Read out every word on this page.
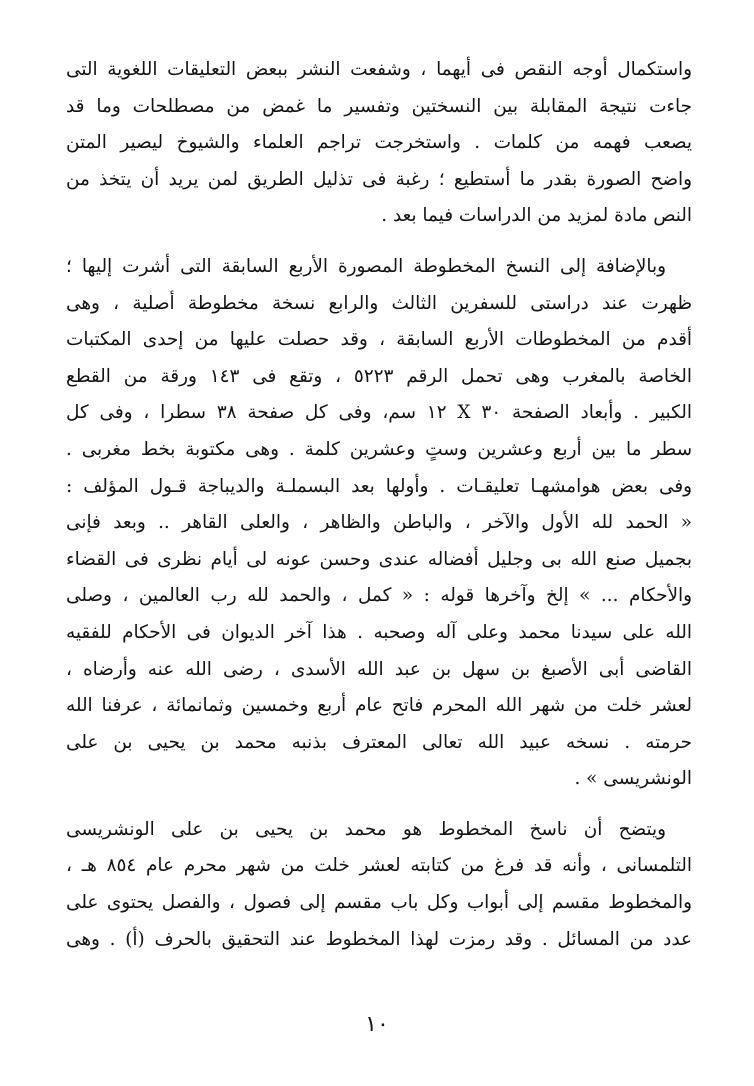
واستكمال أوجه النقص فى أيهما ، وشفعت النشر ببعض التعليقات اللغوية التى
جاءت نتيجة المقابلة بين النسختين وتفسير ما غمض من مصطلحات وما قد
يصعب فهمه من كلمات . واستخرجت تراجم العلماء والشيوخ ليصير المتن
واضح الصورة بقدر ما أستطيع ؛ رغبة فى تذليل الطريق لمن يريد أن يتخذ من
النص مادة لمزيد من الدراسات فيما بعد .
وبالإضافة إلى النسخ المخطوطة المصورة الأربع السابقة التى أشرت إليها ؛
ظهرت عند دراستى للسفرين الثالث والرابع نسخة مخطوطة أصلية ، وهى
أقدم من المخطوطات الأربع السابقة ، وقد حصلت عليها من إحدى المكتبات
الخاصة بالمغرب وهى تحمل الرقم ٥٢٢٣ ، وتقع فى ١٤٣ ورقة من القطع
الكبير . وأبعاد الصفحة ٣٠ X ١٢ سم، وفى كل صفحة ٣٨ سطرا ، وفى كل
سطر ما بين أربع وعشرين وستٍ وعشرين كلمة . وهى مكتوبة بخط مغربى .
وفى بعض هوامشهـا تعليقـات . وأولها بعد البسملـة والديباجة قـول المؤلف :
« الحمد لله الأول والآخر ، والباطن والظاهر ، والعلى القاهر .. وبعد فإنى
بجميل صنع الله بى وجليل أفضاله عندى وحسن عونه لى أيام نظرى فى القضاء
والأحكام ... » إلخ وآخرها قوله : « كمل ، والحمد لله رب العالمين ، وصلى
الله على سيدنا محمد وعلى آله وصحبه . هذا آخر الديوان فى الأحكام للفقيه
القاضى أبى الأصبغ بن سهل بن عبد الله الأسدى ، رضى الله عنه وأرضاه ،
لعشر خلت من شهر الله المحرم فاتح عام أربع وخمسين وثمانمائة ، عرفنا الله
حرمته . نسخه عبيد الله تعالى المعترف بذنبه محمد بن يحيى بن على
الونشريسى » .
ويتضح أن ناسخ المخطوط هو محمد بن يحيى بن على الونشريسى
التلمسانى ، وأنه قد فرغ من كتابته لعشر خلت من شهر محرم عام ٨٥٤ هـ ،
والمخطوط مقسم إلى أبواب وكل باب مقسم إلى فصول ، والفصل يحتوى على
عدد من المسائل . وقد رمزت لهذا المخطوط عند التحقيق بالحرف (أ) . وهى
١٠
